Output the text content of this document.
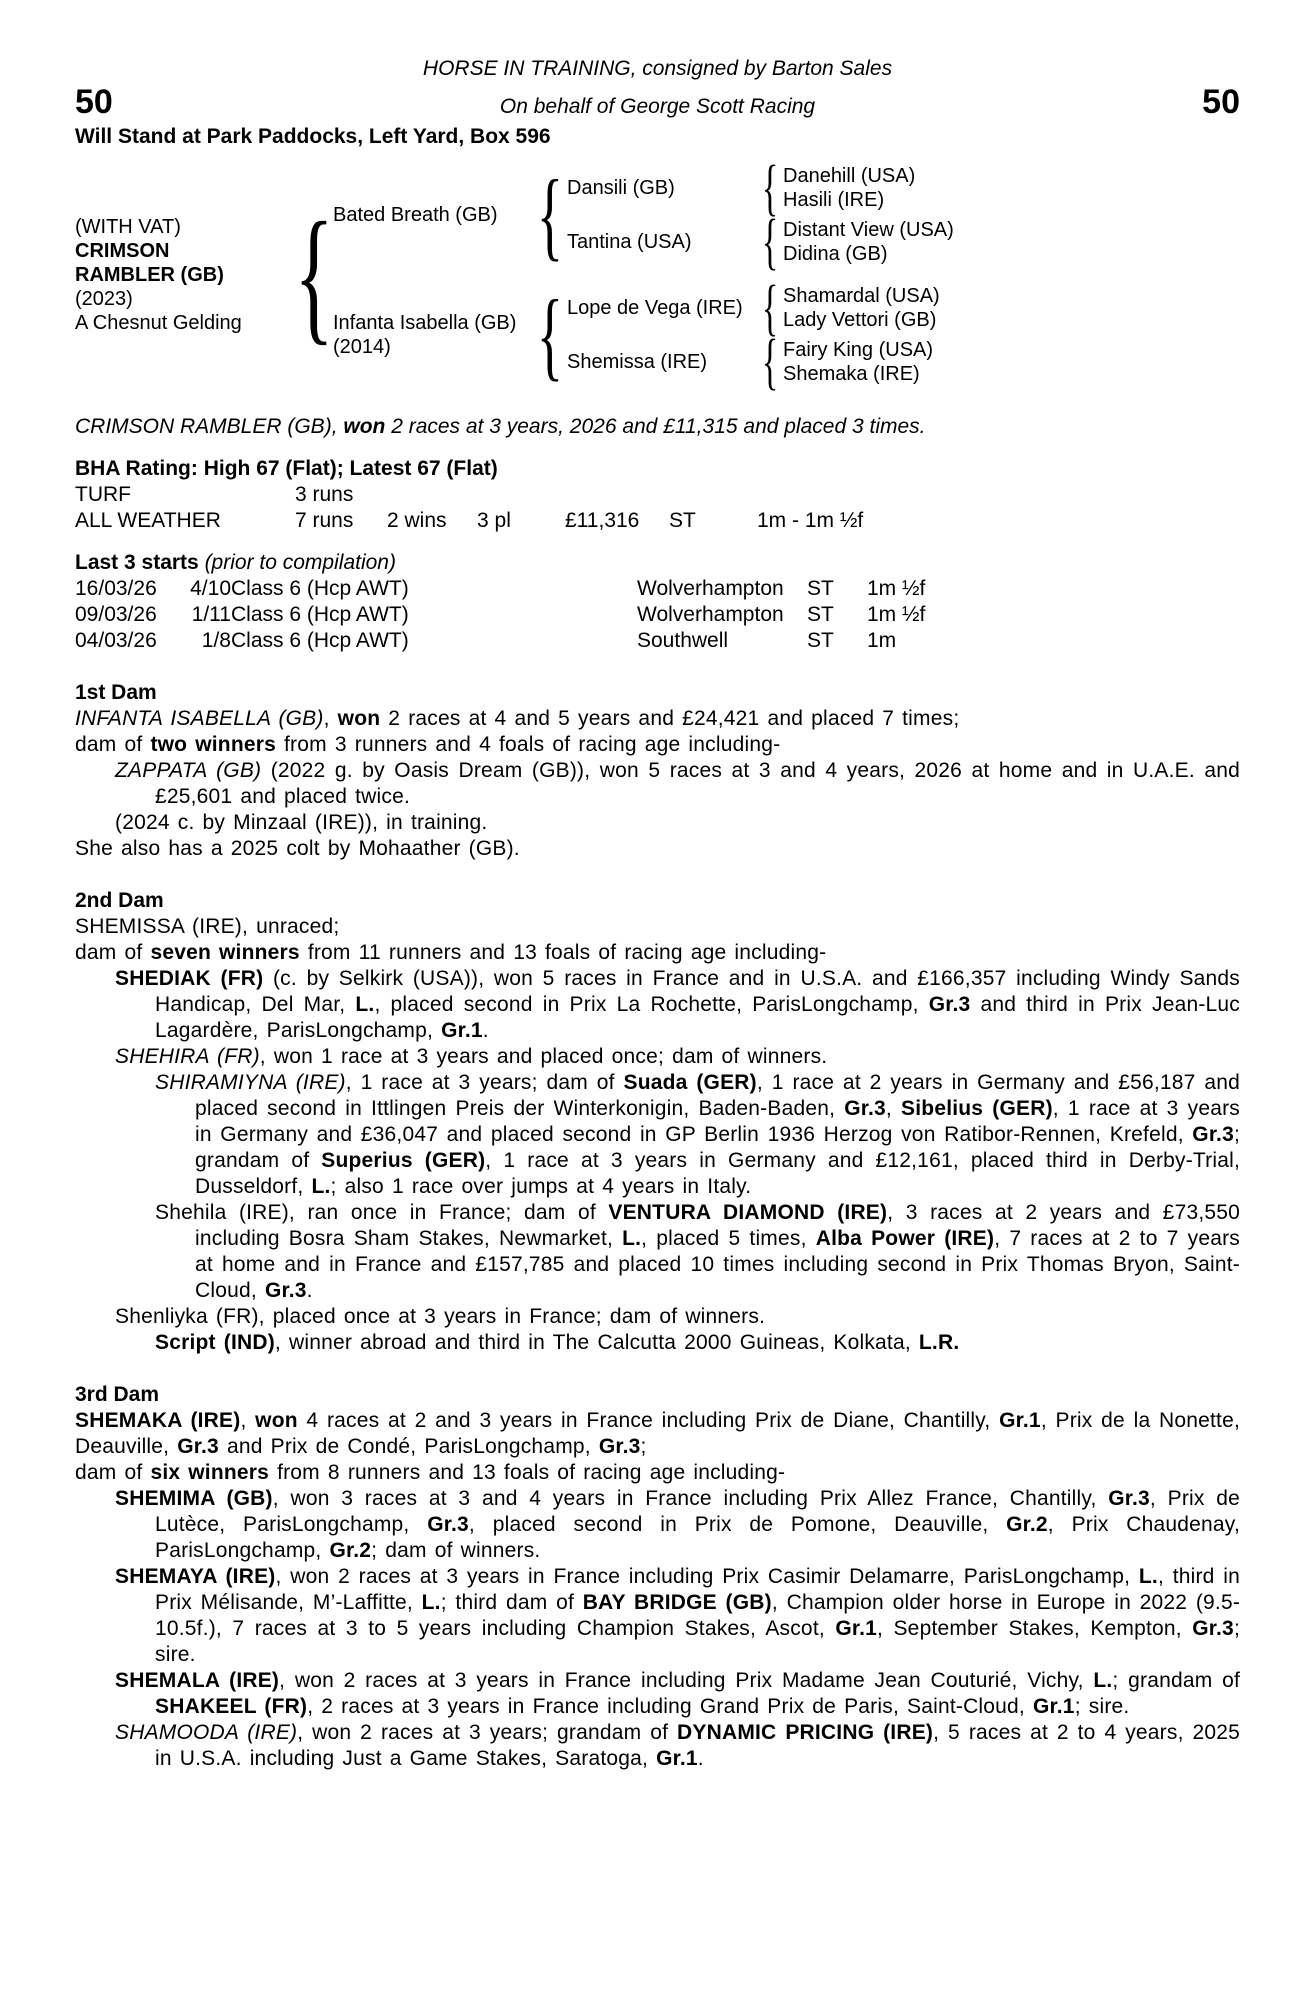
HORSE IN TRAINING, consigned by Barton Sales
50	On behalf of George Scott Racing	50
Will Stand at Park Paddocks, Left Yard, Box 596
(WITH VAT)
CRIMSON RAMBLER (GB)
(2023)
A Chesnut Gelding { Bated Breath (GB) { Dansili (GB)	{ Danehill (USA)
Hasili (IRE)
Tantina (USA)	{ Distant View (USA)
Didina (GB)
Infanta Isabella (GB)
(2014)	{ Lope de Vega (IRE) { Shamardal (USA)
Lady Vettori (GB)
Shemissa (IRE) { Fairy King (USA)
Shemaka (IRE)
CRIMSON RAMBLER (GB), won 2 races at 3 years, 2026 and £11,315 and placed 3 times.
BHA Rating: High 67 (Flat); Latest 67 (Flat)
TURF	3 runs
ALL WEATHER	7 runs	2 wins	3 pl	£11,316	ST	1m - 1m ½f
Last 3 starts (prior to compilation)
16/03/26	4/10 Class 6 (Hcp AWT)	Wolverhampton	ST	1m ½f
09/03/26	1/11 Class 6 (Hcp AWT)	Wolverhampton	ST	1m ½f
04/03/26	1/8 Class 6 (Hcp AWT)	Southwell	ST	1m
1st Dam
INFANTA ISABELLA (GB), won 2 races at 4 and 5 years and £24,421 and placed 7 times;
dam of two winners from 3 runners and 4 foals of racing age including-
ZAPPATA (GB) (2022 g. by Oasis Dream (GB)), won 5 races at 3 and 4 years, 2026 at home and in U.A.E. and £25,601 and placed twice.
(2024 c. by Minzaal (IRE)), in training.
She also has a 2025 colt by Mohaather (GB).
2nd Dam
SHEMISSA (IRE), unraced;
dam of seven winners from 11 runners and 13 foals of racing age including-
SHEDIAK (FR) (c. by Selkirk (USA)), won 5 races in France and in U.S.A. and £166,357 including Windy Sands Handicap, Del Mar, L., placed second in Prix La Rochette, ParisLongchamp, Gr.3 and third in Prix Jean-Luc Lagardère, ParisLongchamp, Gr.1.
SHEHIRA (FR), won 1 race at 3 years and placed once; dam of winners.
SHIRAMIYNA (IRE), 1 race at 3 years; dam of Suada (GER), 1 race at 2 years in Germany and £56,187 and placed second in Ittlingen Preis der Winterkonigin, Baden-Baden, Gr.3, Sibelius (GER), 1 race at 3 years in Germany and £36,047 and placed second in GP Berlin 1936 Herzog von Ratibor-Rennen, Krefeld, Gr.3; grandam of Superius (GER), 1 race at 3 years in Germany and £12,161, placed third in Derby-Trial, Dusseldorf, L.; also 1 race over jumps at 4 years in Italy.
Shehila (IRE), ran once in France; dam of VENTURA DIAMOND (IRE), 3 races at 2 years and £73,550 including Bosra Sham Stakes, Newmarket, L., placed 5 times, Alba Power (IRE), 7 races at 2 to 7 years at home and in France and £157,785 and placed 10 times including second in Prix Thomas Bryon, Saint-Cloud, Gr.3.
Shenliyka (FR), placed once at 3 years in France; dam of winners.
Script (IND), winner abroad and third in The Calcutta 2000 Guineas, Kolkata, L.R.
3rd Dam
SHEMAKA (IRE), won 4 races at 2 and 3 years in France including Prix de Diane, Chantilly, Gr.1, Prix de la Nonette, Deauville, Gr.3 and Prix de Condé, ParisLongchamp, Gr.3;
dam of six winners from 8 runners and 13 foals of racing age including-
SHEMIMA (GB), won 3 races at 3 and 4 years in France including Prix Allez France, Chantilly, Gr.3, Prix de Lutèce, ParisLongchamp, Gr.3, placed second in Prix de Pomone, Deauville, Gr.2, Prix Chaudenay, ParisLongchamp, Gr.2; dam of winners.
SHEMAYA (IRE), won 2 races at 3 years in France including Prix Casimir Delamarre, ParisLongchamp, L., third in Prix Mélisande, M’-Laffitte, L.; third dam of BAY BRIDGE (GB), Champion older horse in Europe in 2022 (9.5-10.5f.), 7 races at 3 to 5 years including Champion Stakes, Ascot, Gr.1, September Stakes, Kempton, Gr.3; sire.
SHEMALA (IRE), won 2 races at 3 years in France including Prix Madame Jean Couturié, Vichy, L.; grandam of SHAKEEL (FR), 2 races at 3 years in France including Grand Prix de Paris, Saint-Cloud, Gr.1; sire.
SHAMOODA (IRE), won 2 races at 3 years; grandam of DYNAMIC PRICING (IRE), 5 races at 2 to 4 years, 2025 in U.S.A. including Just a Game Stakes, Saratoga, Gr.1.
